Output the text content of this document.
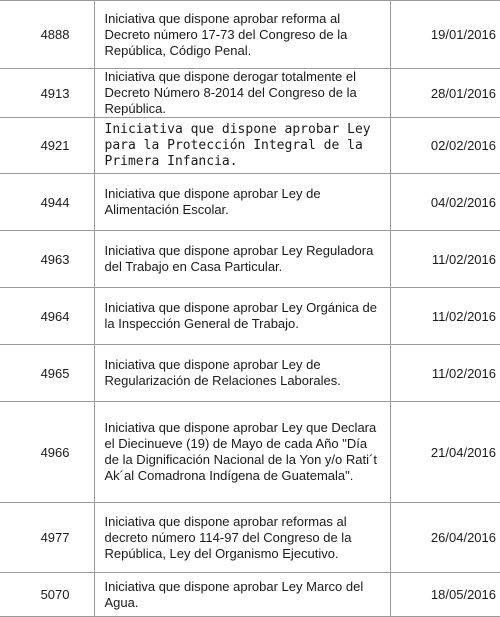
4888	Iniciativa que dispone aprobar reforma al Decreto número 17-73 del Congreso de la República, Código Penal.	19/01/2016
4913	Iniciativa que dispone derogar totalmente el Decreto Número 8-2014 del Congreso de la República.	28/01/2016
4921	Iniciativa que dispone aprobar Ley para la Protección Integral de la Primera Infancia.	02/02/2016
4944	Iniciativa que dispone aprobar Ley de Alimentación Escolar.	04/02/2016
4963	Iniciativa que dispone aprobar Ley Reguladora del Trabajo en Casa Particular.	11/02/2016
4964	Iniciativa que dispone aprobar Ley Orgánica de la Inspección General de Trabajo.	11/02/2016
4965	Iniciativa que dispone aprobar Ley de Regularización de Relaciones Laborales.	11/02/2016
4966	Iniciativa que dispone aprobar Ley que Declara el Diecinueve (19) de Mayo de cada Año "Día de la Dignificación Nacional de la Yon y/o Rati´t Ak´al Comadrona Indígena de Guatemala".	21/04/2016
4977	Iniciativa que dispone aprobar reformas al decreto número 114-97 del Congreso de la República, Ley del Organismo Ejecutivo.	26/04/2016
5070	Iniciativa que dispone aprobar Ley Marco del Agua.	18/05/2016
